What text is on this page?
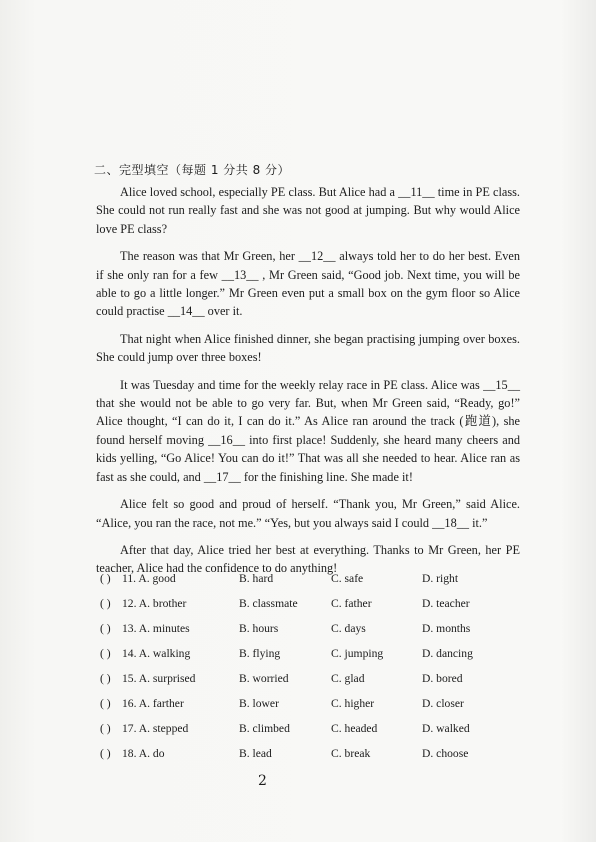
二、完型填空（每题 1 分共 8 分）

Alice loved school, especially PE class. But Alice had a __11__ time in PE class. She could not run really fast and she was not good at jumping. But why would Alice love PE class?

The reason was that Mr Green, her __12__ always told her to do her best. Even if she only ran for a few __13__ , Mr Green said, “Good job. Next time, you will be able to go a little longer.” Mr Green even put a small box on the gym floor so Alice could practise __14__ over it.

That night when Alice finished dinner, she began practising jumping over boxes. She could jump over three boxes!

It was Tuesday and time for the weekly relay race in PE class. Alice was __15__ that she would not be able to go very far. But, when Mr Green said, “Ready, go!” Alice thought, “I can do it, I can do it.” As Alice ran around the track (跑道), she found herself moving __16__ into first place! Suddenly, she heard many cheers and kids yelling, “Go Alice! You can do it!” That was all she needed to hear. Alice ran as fast as she could, and __17__ for the finishing line. She made it!

Alice felt so good and proud of herself. “Thank you, Mr Green,” said Alice. “Alice, you ran the race, not me.” “Yes, but you always said I could __18__ it.”

After that day, Alice tried her best at everything. Thanks to Mr Green, her PE teacher, Alice had the confidence to do anything!

( ) 11. A. good	B. hard	C. safe	D. right
( ) 12. A. brother	B. classmate	C. father	D. teacher
( ) 13. A. minutes	B. hours	C. days	D. months
( ) 14. A. walking	B. flying	C. jumping	D. dancing
( ) 15. A. surprised	B. worried	C. glad	D. bored
( ) 16. A. farther	B. lower	C. higher	D. closer
( ) 17. A. stepped	B. climbed	C. headed	D. walked
( ) 18. A. do	B. lead	C. break	D. choose
2
